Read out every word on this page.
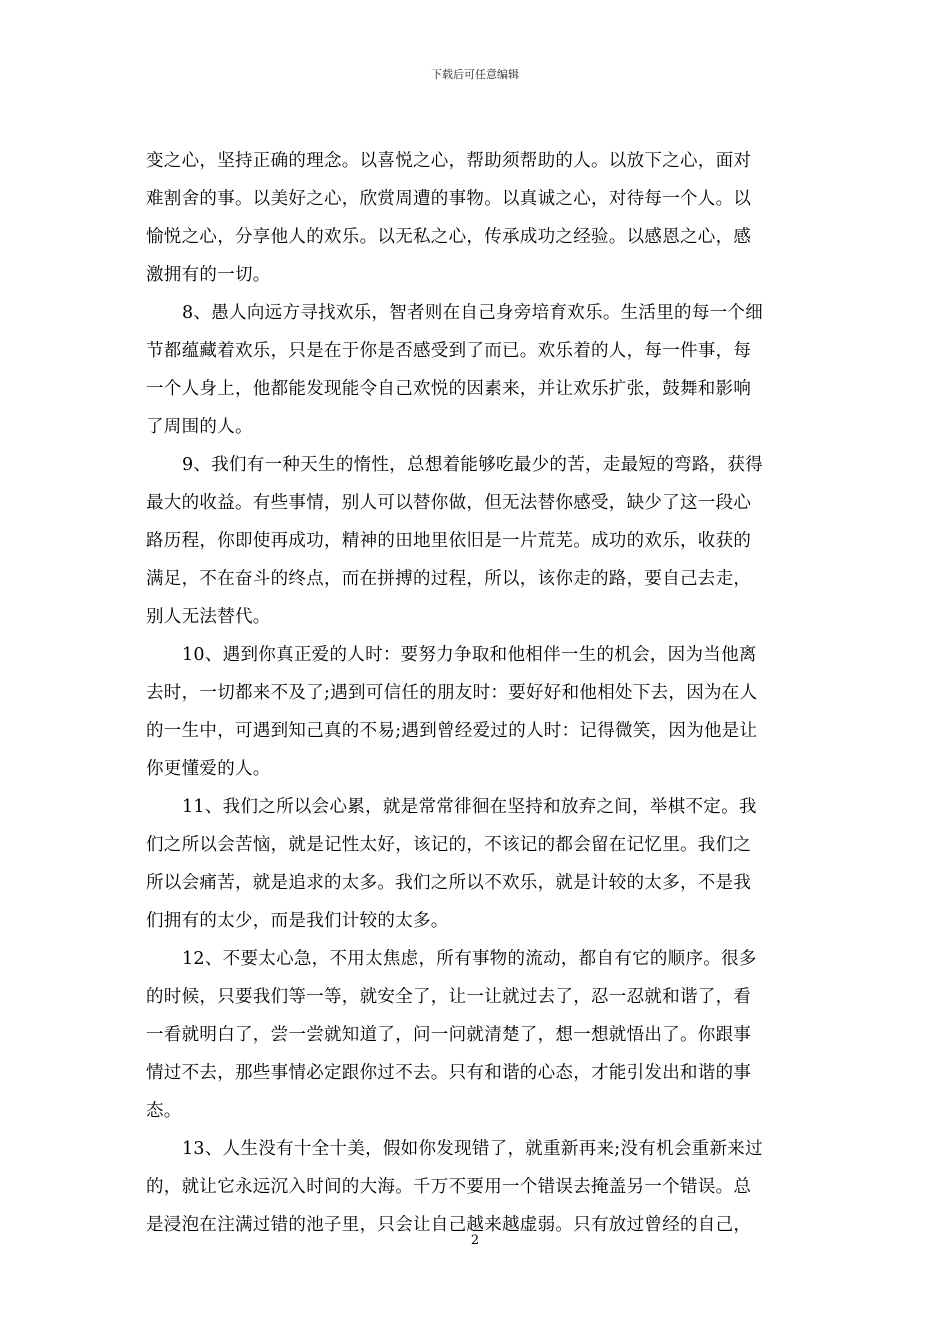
下载后可任意编辑
变之心，坚持正确的理念。以喜悦之心，帮助须帮助的人。以放下之心，面对
难割舍的事。以美好之心，欣赏周遭的事物。以真诚之心，对待每一个人。以
愉悦之心，分享他人的欢乐。以无私之心，传承成功之经验。以感恩之心，感
激拥有的一切。
8、愚人向远方寻找欢乐，智者则在自己身旁培育欢乐。生活里的每一个细
节都蕴藏着欢乐，只是在于你是否感受到了而已。欢乐着的人，每一件事，每
一个人身上，他都能发现能令自己欢悦的因素来，并让欢乐扩张，鼓舞和影响
了周围的人。
9、我们有一种天生的惰性，总想着能够吃最少的苦，走最短的弯路，获得
最大的收益。有些事情，别人可以替你做，但无法替你感受，缺少了这一段心
路历程，你即使再成功，精神的田地里依旧是一片荒芜。成功的欢乐，收获的
满足，不在奋斗的终点，而在拼搏的过程，所以，该你走的路，要自己去走，
别人无法替代。
10、遇到你真正爱的人时：要努力争取和他相伴一生的机会，因为当他离
去时，一切都来不及了;遇到可信任的朋友时：要好好和他相处下去，因为在人
的一生中，可遇到知己真的不易;遇到曾经爱过的人时：记得微笑，因为他是让
你更懂爱的人。
11、我们之所以会心累，就是常常徘徊在坚持和放弃之间，举棋不定。我
们之所以会苦恼，就是记性太好，该记的，不该记的都会留在记忆里。我们之
所以会痛苦，就是追求的太多。我们之所以不欢乐，就是计较的太多，不是我
们拥有的太少，而是我们计较的太多。
12、不要太心急，不用太焦虑，所有事物的流动，都自有它的顺序。很多
的时候，只要我们等一等，就安全了，让一让就过去了，忍一忍就和谐了，看
一看就明白了，尝一尝就知道了，问一问就清楚了，想一想就悟出了。你跟事
情过不去，那些事情必定跟你过不去。只有和谐的心态，才能引发出和谐的事
态。
13、人生没有十全十美，假如你发现错了，就重新再来;没有机会重新来过
的，就让它永远沉入时间的大海。千万不要用一个错误去掩盖另一个错误。总
是浸泡在注满过错的池子里，只会让自己越来越虚弱。只有放过曾经的自己，
2
